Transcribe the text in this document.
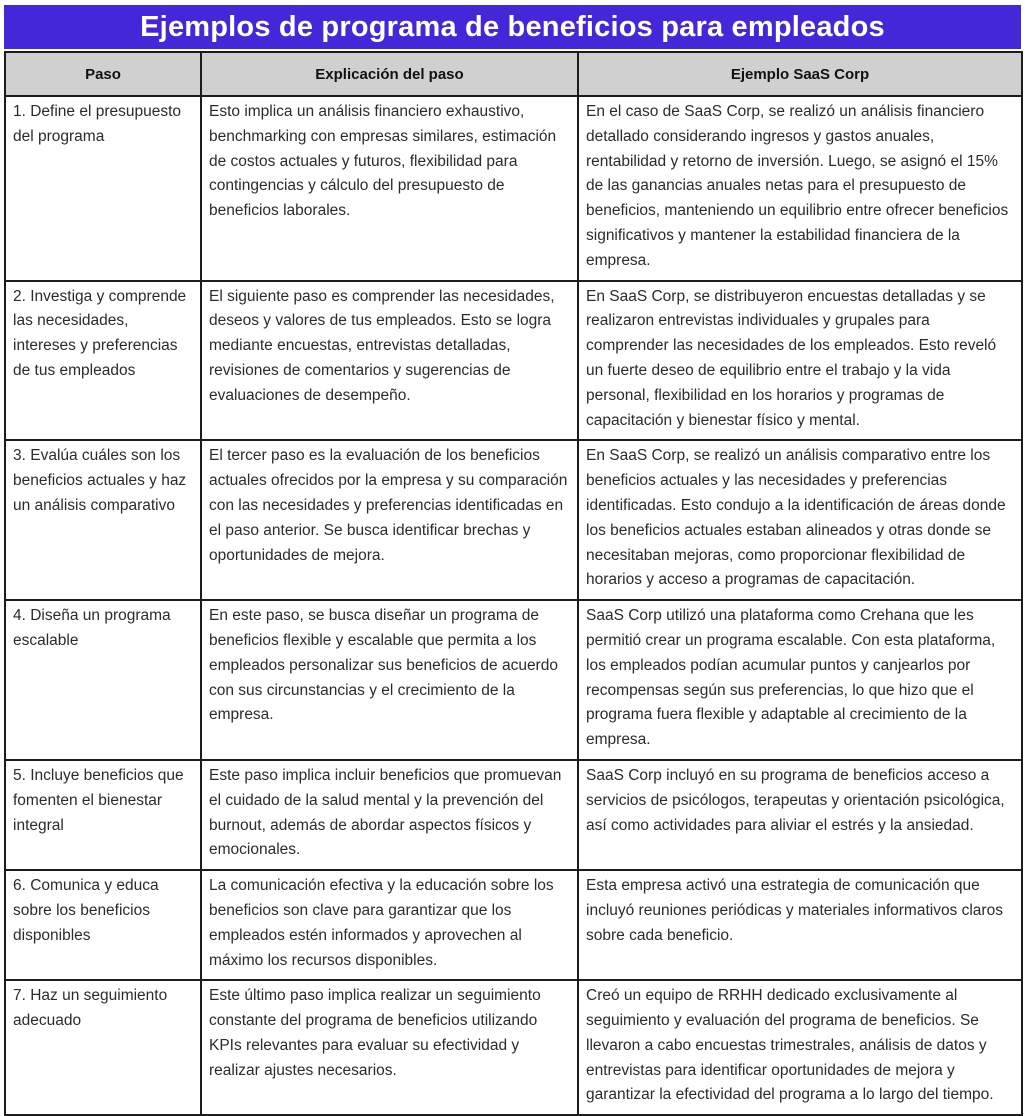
Ejemplos de programa de beneficios para empleados
Paso	Explicación del paso	Ejemplo SaaS Corp
1. Define el presupuesto del programa	Esto implica un análisis financiero exhaustivo, benchmarking con empresas similares, estimación de costos actuales y futuros, flexibilidad para contingencias y cálculo del presupuesto de beneficios laborales.	En el caso de SaaS Corp, se realizó un análisis financiero detallado considerando ingresos y gastos anuales, rentabilidad y retorno de inversión. Luego, se asignó el 15% de las ganancias anuales netas para el presupuesto de beneficios, manteniendo un equilibrio entre ofrecer beneficios significativos y mantener la estabilidad financiera de la empresa.
2. Investiga y comprende las necesidades, intereses y preferencias de tus empleados	El siguiente paso es comprender las necesidades, deseos y valores de tus empleados. Esto se logra mediante encuestas, entrevistas detalladas, revisiones de comentarios y sugerencias de evaluaciones de desempeño.	En SaaS Corp, se distribuyeron encuestas detalladas y se realizaron entrevistas individuales y grupales para comprender las necesidades de los empleados. Esto reveló un fuerte deseo de equilibrio entre el trabajo y la vida personal, flexibilidad en los horarios y programas de capacitación y bienestar físico y mental.
3. Evalúa cuáles son los beneficios actuales y haz un análisis comparativo	El tercer paso es la evaluación de los beneficios actuales ofrecidos por la empresa y su comparación con las necesidades y preferencias identificadas en el paso anterior. Se busca identificar brechas y oportunidades de mejora.	En SaaS Corp, se realizó un análisis comparativo entre los beneficios actuales y las necesidades y preferencias identificadas. Esto condujo a la identificación de áreas donde los beneficios actuales estaban alineados y otras donde se necesitaban mejoras, como proporcionar flexibilidad de horarios y acceso a programas de capacitación.
4. Diseña un programa escalable	En este paso, se busca diseñar un programa de beneficios flexible y escalable que permita a los empleados personalizar sus beneficios de acuerdo con sus circunstancias y el crecimiento de la empresa.	SaaS Corp utilizó una plataforma como Crehana que les permitió crear un programa escalable. Con esta plataforma, los empleados podían acumular puntos y canjearlos por recompensas según sus preferencias, lo que hizo que el programa fuera flexible y adaptable al crecimiento de la empresa.
5. Incluye beneficios que fomenten el bienestar integral	Este paso implica incluir beneficios que promuevan el cuidado de la salud mental y la prevención del burnout, además de abordar aspectos físicos y emocionales.	SaaS Corp incluyó en su programa de beneficios acceso a servicios de psicólogos, terapeutas y orientación psicológica, así como actividades para aliviar el estrés y la ansiedad.
6. Comunica y educa sobre los beneficios disponibles	La comunicación efectiva y la educación sobre los beneficios son clave para garantizar que los empleados estén informados y aprovechen al máximo los recursos disponibles.	Esta empresa activó una estrategia de comunicación que incluyó reuniones periódicas y materiales informativos claros sobre cada beneficio.
7. Haz un seguimiento adecuado	Este último paso implica realizar un seguimiento constante del programa de beneficios utilizando KPIs relevantes para evaluar su efectividad y realizar ajustes necesarios.	Creó un equipo de RRHH dedicado exclusivamente al seguimiento y evaluación del programa de beneficios. Se llevaron a cabo encuestas trimestrales, análisis de datos y entrevistas para identificar oportunidades de mejora y garantizar la efectividad del programa a lo largo del tiempo.
